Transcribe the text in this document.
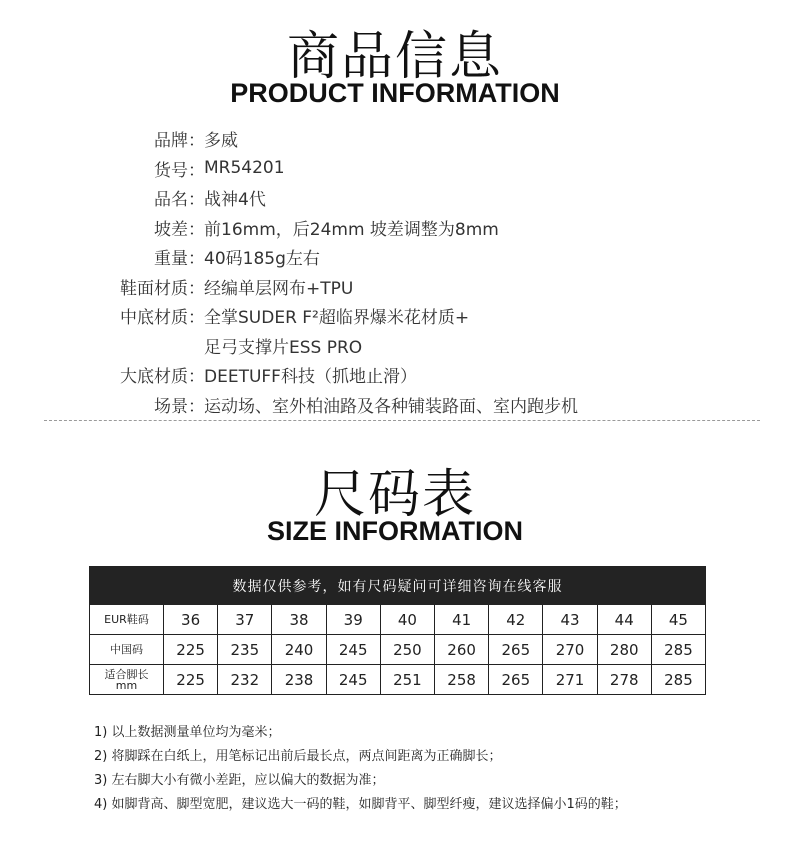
商品信息
PRODUCT INFORMATION
品牌 ： 多威
货号 ： MR54201
品名 ： 战神4代
坡差 ： 前16mm，后24mm 坡差调整为8mm
重量 ： 40码185g左右
鞋面材质 ： 经编单层网布+TPU
中底材质 ： 全掌SUDER F²超临界爆米花材质+
足弓支撑片ESS PRO
大底材质 ： DEETUFF科技（抓地止滑）
场景 ： 运动场、室外柏油路及各种铺装路面、室内跑步机
尺码表
SIZE INFORMATION
数据仅供参考，如有尺码疑问可详细咨询在线客服
EUR鞋码	36	37	38	39	40	41	42	43	44	45
中国码	225	235	240	245	250	260	265	270	280	285
适合脚长
mm	225	232	238	245	251	258	265	271	278	285
1) 以上数据测量单位均为毫米；
2) 将脚踩在白纸上，用笔标记出前后最长点，两点间距离为正确脚长；
3) 左右脚大小有微小差距，应以偏大的数据为准；
4) 如脚背高、脚型宽肥，建议选大一码的鞋，如脚背平、脚型纤瘦，建议选择偏小1码的鞋；
